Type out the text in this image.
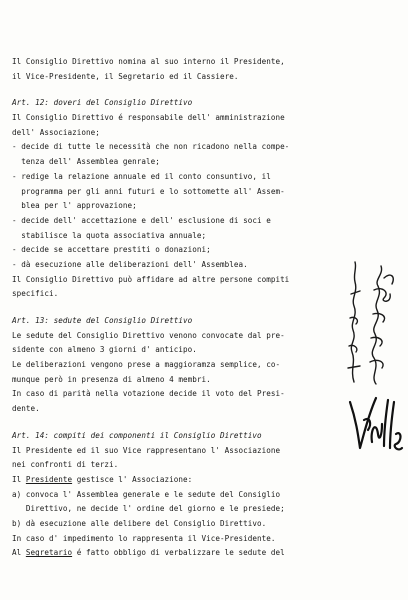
Il Consiglio Direttivo nomina al suo interno il Presidente,
il Vice-Presidente, il Segretario ed il Cassiere.
Art. 12: doveri del Consiglio Direttivo
Il Consiglio Direttivo é responsabile dell' amministrazione
dell' Associazione;
- decide di tutte le necessità che non ricadono nella compe-
tenza dell' Assemblea genrale;
- redige la relazione annuale ed il conto consuntivo, il
programma per gli anni futuri e lo sottomette all' Assem-
blea per l' approvazione;
- decide dell' accettazione e dell' esclusione di soci e
stabilisce la quota associativa annuale;
- decide se accettare prestiti o donazioni;
- dà esecuzione alle deliberazioni dell' Assemblea.
Il Consiglio Direttivo può affidare ad altre persone compiti
specifici.
Art. 13: sedute del Consiglio Direttivo
Le sedute del Consiglio Direttivo venono convocate dal pre-
sidente con almeno 3 giorni d' anticipo.
Le deliberazioni vengono prese a maggioramza semplice, co-
munque però in presenza di almeno 4 membri.
In caso di parità nella votazione decide il voto del Presi-
dente.
Art. 14: compiti dei componenti il Consiglio Direttivo
Il Presidente ed il suo Vice rappresentano l' Associazione
nei confronti di terzi.
Il Presidente gestisce l' Associazione:
a) convoca l' Assemblea generale e le sedute del Consiglio
Direttivo, ne decide l' ordine del giorno e le presiede;
b) dà esecuzione alle delibere del Consiglio Direttivo.
In caso d' impedimento lo rappresenta il Vice-Presidente.
Al Segretario é fatto obbligo di verbalizzare le sedute del
